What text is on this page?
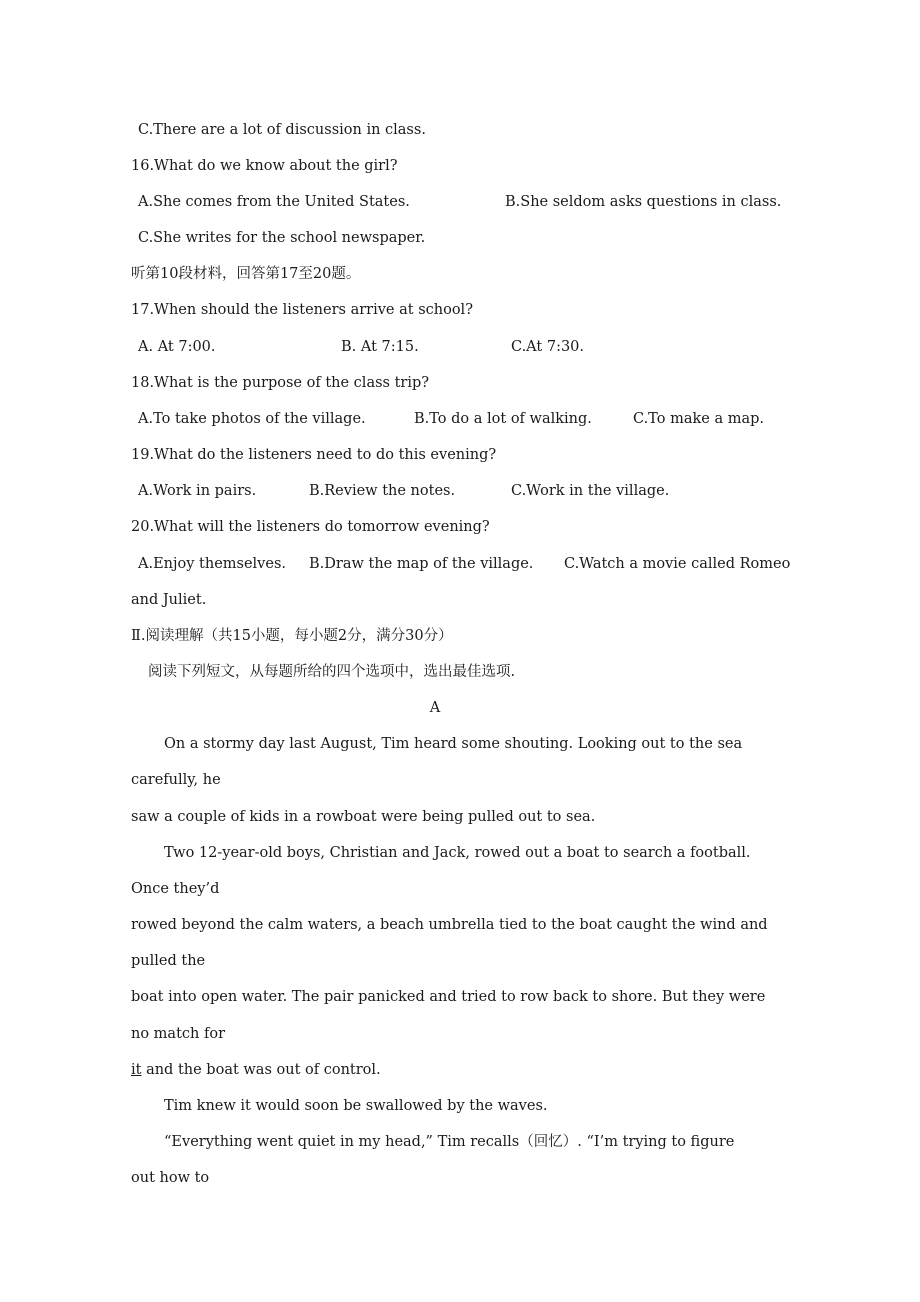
C.There are a lot of discussion in class.
16.What do we know about the girl?
A.She comes from the United States.	B.She seldom asks questions in class.
C.She writes for the school newspaper.
听第10段材料，回答第17至20题。
17.When should the listeners arrive at school?
A. At 7:00.	B. At 7:15.	C.At 7:30.
18.What is the purpose of the class trip?
A.To take photos of the village.	B.To do a lot of walking.	C.To make a map.
19.What do the listeners need to do this evening?
A.Work in pairs.	B.Review the notes.	C.Work in the village.
20.What will the listeners do tomorrow evening?
A.Enjoy themselves. B.Draw the map of the village. C.Watch a movie called Romeo
and Juliet.
Ⅱ.阅读理解（共15小题，每小题2分，满分30分）
阅读下列短文，从每题所给的四个选项中，选出最佳选项.
A
On a stormy day last August, Tim heard some shouting. Looking out to the sea
carefully, he
saw a couple of kids in a rowboat were being pulled out to sea.
Two 12-year-old boys, Christian and Jack, rowed out a boat to search a football.
Once they’d
rowed beyond the calm waters, a beach umbrella tied to the boat caught the wind and
pulled the
boat into open water. The pair panicked and tried to row back to shore. But they were
no match for
it and the boat was out of control.
Tim knew it would soon be swallowed by the waves.
“Everything went quiet in my head,” Tim recalls（回忆）. “I’m trying to figure
out how to
